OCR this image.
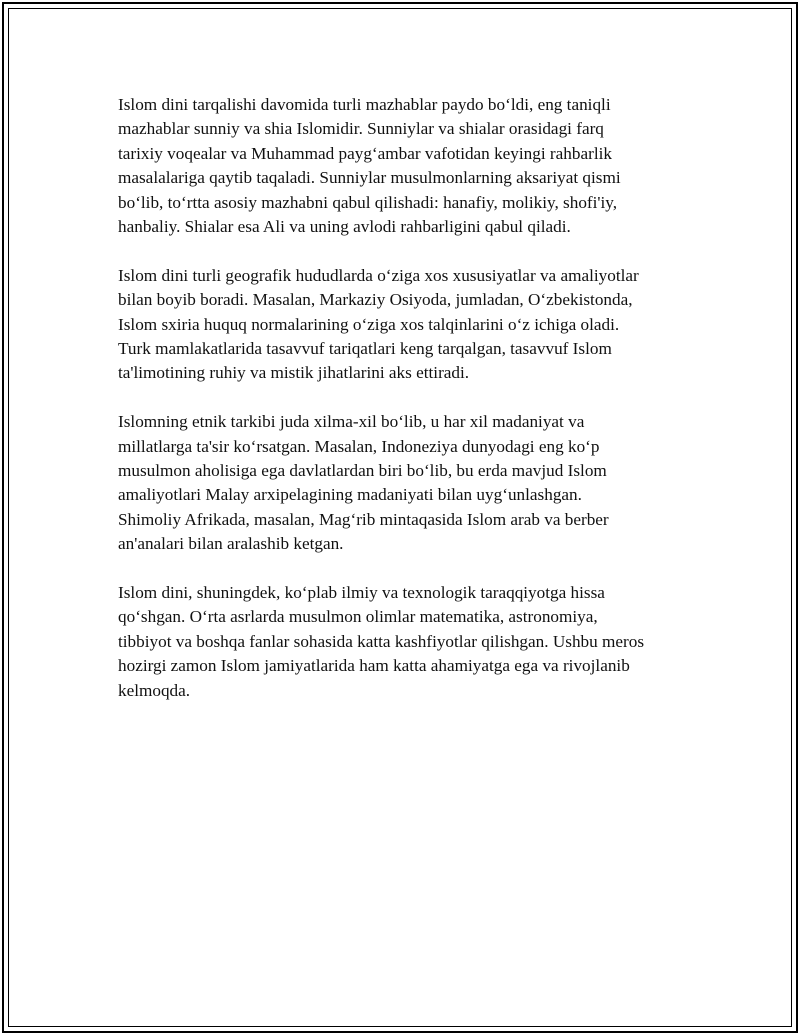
Islom dini tarqalishi davomida turli mazhablar paydo bo‘ldi, eng taniqli
mazhablar sunniy va shia Islomidir. Sunniylar va shialar orasidagi farq
tarixiy voqealar va Muhammad payg‘ambar vafotidan keyingi rahbarlik
masalalariga qaytib taqaladi. Sunniylar musulmonlarning aksariyat qismi
bo‘lib, to‘rtta asosiy mazhabni qabul qilishadi: hanafiy, molikiy, shofi'iy,
hanbaliy. Shialar esa Ali va uning avlodi rahbarligini qabul qiladi.

Islom dini turli geografik hududlarda o‘ziga xos xususiyatlar va amaliyotlar
bilan boyib boradi. Masalan, Markaziy Osiyoda, jumladan, O‘zbekistonda,
Islom sxiria huquq normalarining o‘ziga xos talqinlarini o‘z ichiga oladi.
Turk mamlakatlarida tasavvuf tariqatlari keng tarqalgan, tasavvuf Islom
ta'limotining ruhiy va mistik jihatlarini aks ettiradi.

Islomning etnik tarkibi juda xilma-xil bo‘lib, u har xil madaniyat va
millatlarga ta'sir ko‘rsatgan. Masalan, Indoneziya dunyodagi eng ko‘p
musulmon aholisiga ega davlatlardan biri bo‘lib, bu erda mavjud Islom
amaliyotlari Malay arxipelagining madaniyati bilan uyg‘unlashgan.
Shimoliy Afrikada, masalan, Mag‘rib mintaqasida Islom arab va berber
an'analari bilan aralashib ketgan.

Islom dini, shuningdek, ko‘plab ilmiy va texnologik taraqqiyotga hissa
qo‘shgan. O‘rta asrlarda musulmon olimlar matematika, astronomiya,
tibbiyot va boshqa fanlar sohasida katta kashfiyotlar qilishgan. Ushbu meros
hozirgi zamon Islom jamiyatlarida ham katta ahamiyatga ega va rivojlanib
kelmoqda.
